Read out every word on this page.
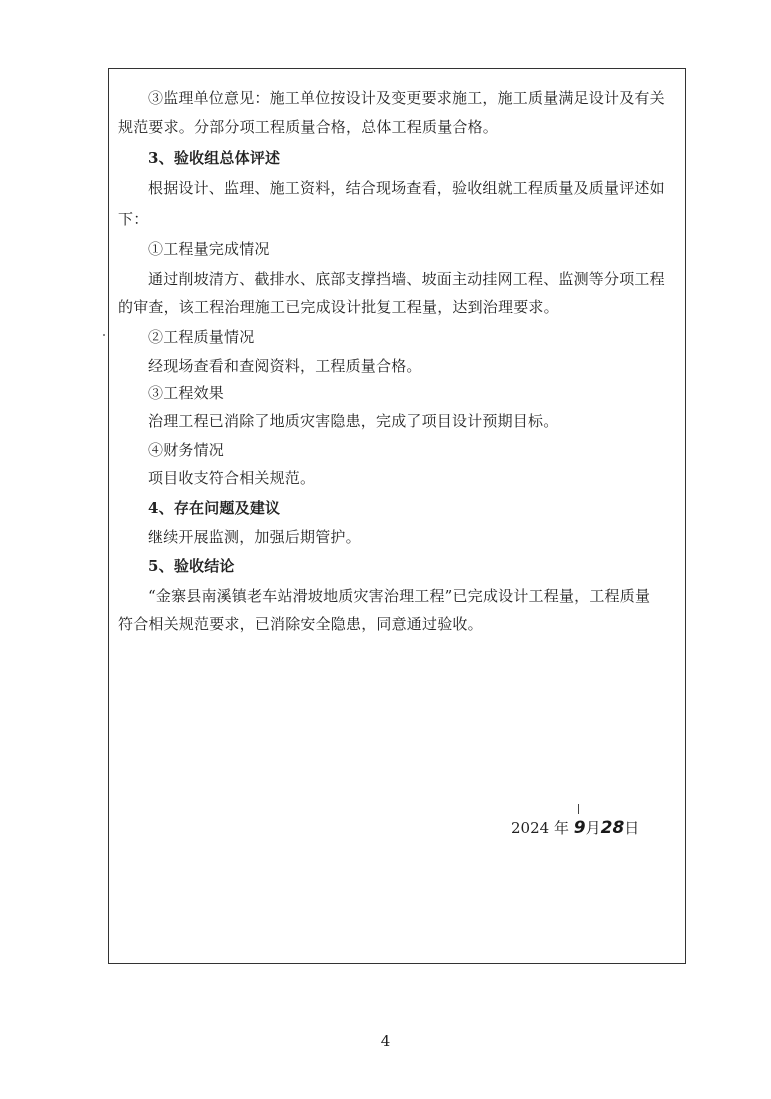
③监理单位意见：施工单位按设计及变更要求施工，施工质量满足设计及有关
规范要求。分部分项工程质量合格，总体工程质量合格。
3、验收组总体评述
根据设计、监理、施工资料，结合现场查看，验收组就工程质量及质量评述如
下：
①工程量完成情况
通过削坡清方、截排水、底部支撑挡墙、坡面主动挂网工程、监测等分项工程
的审查，该工程治理施工已完成设计批复工程量，达到治理要求。
②工程质量情况
经现场查看和查阅资料，工程质量合格。
③工程效果
治理工程已消除了地质灾害隐患，完成了项目设计预期目标。
④财务情况
项目收支符合相关规范。
4、存在问题及建议
继续开展监测，加强后期管护。
5、验收结论
“金寨县南溪镇老车站滑坡地质灾害治理工程”已完成设计工程量，工程质量
符合相关规范要求，已消除安全隐患，同意通过验收。
2024 年 9月28日
4
